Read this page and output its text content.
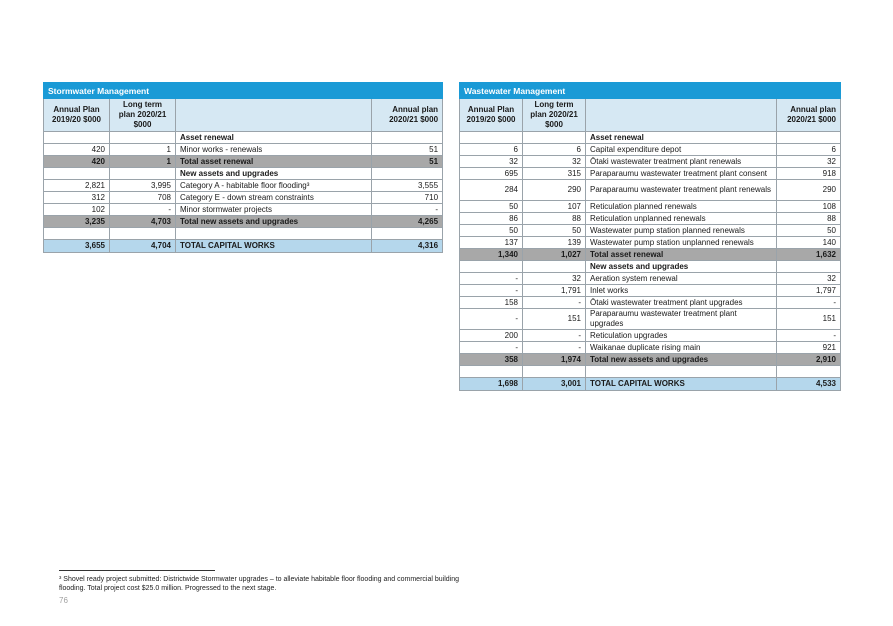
Stormwater Management			
Annual Plan 2019/20 $000	Long term plan 2020/21 $000		Annual plan 2020/21 $000
		Asset renewal	
420	1	Minor works - renewals	51
420	1	Total asset renewal	51
		New assets and upgrades	
2,821	3,995	Category A - habitable floor flooding³	3,555
312	708	Category E - down stream constraints	710
102	-	Minor stormwater projects	-
3,235	4,703	Total new assets and upgrades	4,265

3,655	4,704	TOTAL CAPITAL WORKS	4,316
Wastewater Management			
Annual Plan 2019/20 $000	Long term plan 2020/21 $000		Annual plan 2020/21 $000
		Asset renewal	
6	6	Capital expenditure depot	6
32	32	Ōtaki wastewater treatment plant renewals	32
695	315	Paraparaumu wastewater treatment plant consent	918
284	290	Paraparaumu wastewater treatment plant renewals	290
50	107	Reticulation planned renewals	108
86	88	Reticulation unplanned renewals	88
50	50	Wastewater pump station planned renewals	50
137	139	Wastewater pump station unplanned renewals	140
1,340	1,027	Total asset renewal	1,632
		New assets and upgrades	
-	32	Aeration system renewal	32
-	1,791	Inlet works	1,797
158	-	Ōtaki wastewater treatment plant upgrades	-
-	151	Paraparaumu wastewater treatment plant upgrades	151
200	-	Reticulation upgrades	-
-	-	Waikanae duplicate rising main	921
358	1,974	Total new assets and upgrades	2,910

1,698	3,001	TOTAL CAPITAL WORKS	4,533
³ Shovel ready project submitted: Districtwide Stormwater upgrades – to alleviate habitable floor flooding and commercial building flooding. Total project cost $25.0 million. Progressed to the next stage.
76
